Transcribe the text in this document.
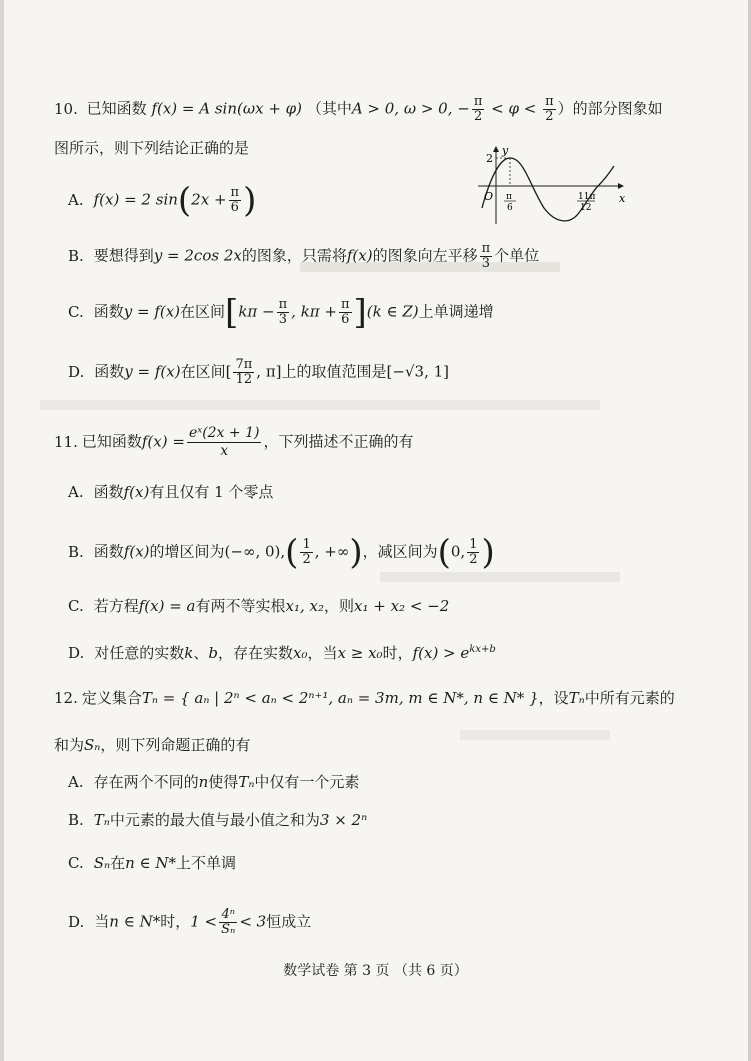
10. 已知函数 f(x) = A sin(ωx + φ) （其中A > 0, ω > 0, − $\frac{\pi}{2} < \varphi < \frac{\pi}{2}$ ）的部分图象如
图所示，则下列结论正确的是	y
x
O
2
π
6
11π
12
A. f(x) = 2 $\sin(2x + \frac{\pi}{6}$ )
B. 要想得到y = 2cos 2x的图象，只需将f(x)的图象向左平移 $\frac{\pi}{3}$ 个单位
C. 函数y = f(x)在区间[$k\pi - \frac{\pi}{3}$ , $k\pi + \frac{\pi}{6} ](k$ ∈ Z)上单调递增
D. 函数y = f(x)在区间[ $\frac{7\pi}{12}$ , π]上的取值范围是[−√3, 1]
11. 已知函数$f(x) = \frac{\text{eˣ(2x + 1)}}{x}$ ，下列描述不正确的有
A. 函数f(x)有且仅有 1 个零点
B. 函数f(x)的增区间为(−∞, $0),( \frac{1}{2}$ , +∞)，减区间为(0, $\frac{1}{2}$ )
C. 若方程f(x) = a有两不等实根x₁, x₂，则x₁ + x₂ < −2
D. 对任意的实数k、b，存在实数x₀，当x ≥ x₀时，$f(x) > e^{kx+b}$
12. 定义集合Tₙ = { aₙ | 2ⁿ < aₙ < 2ⁿ⁺¹, aₙ = 3m, m ∈ N*, n ∈ N* }，设Tₙ中所有元素的
和为Sₙ，则下列命题正确的有
A. 存在两个不同的n使得Tₙ中仅有一个元素
B. Tₙ中元素的最大值与最小值之和为3 × 2ⁿ
C. Sₙ在n ∈ N*上不单调
D. 当n ∈ N*时，$1 < \frac{\text{4ⁿ}}{\text{Sₙ}} < 3$恒成立
数学试卷 第 3 页 （共 6 页）
